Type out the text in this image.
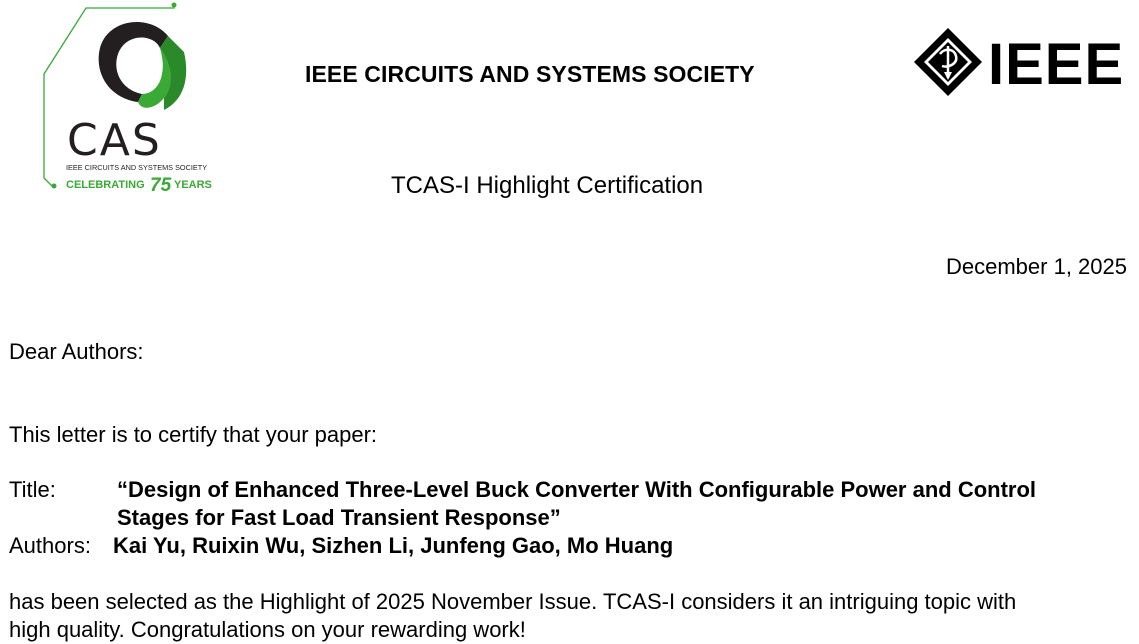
CAS
IEEE CIRCUITS AND SYSTEMS SOCIETY
CELEBRATING 75 YEARS
IEEE
IEEE CIRCUITS AND SYSTEMS SOCIETY
TCAS-I Highlight Certification
December 1, 2025
Dear Authors:
This letter is to certify that your paper:
Title:	“Design of Enhanced Three-Level Buck Converter With Configurable Power and Control
Stages for Fast Load Transient Response”
Authors: Kai Yu, Ruixin Wu, Sizhen Li, Junfeng Gao, Mo Huang
has been selected as the Highlight of 2025 November Issue. TCAS-I considers it an intriguing topic with
high quality. Congratulations on your rewarding work!
